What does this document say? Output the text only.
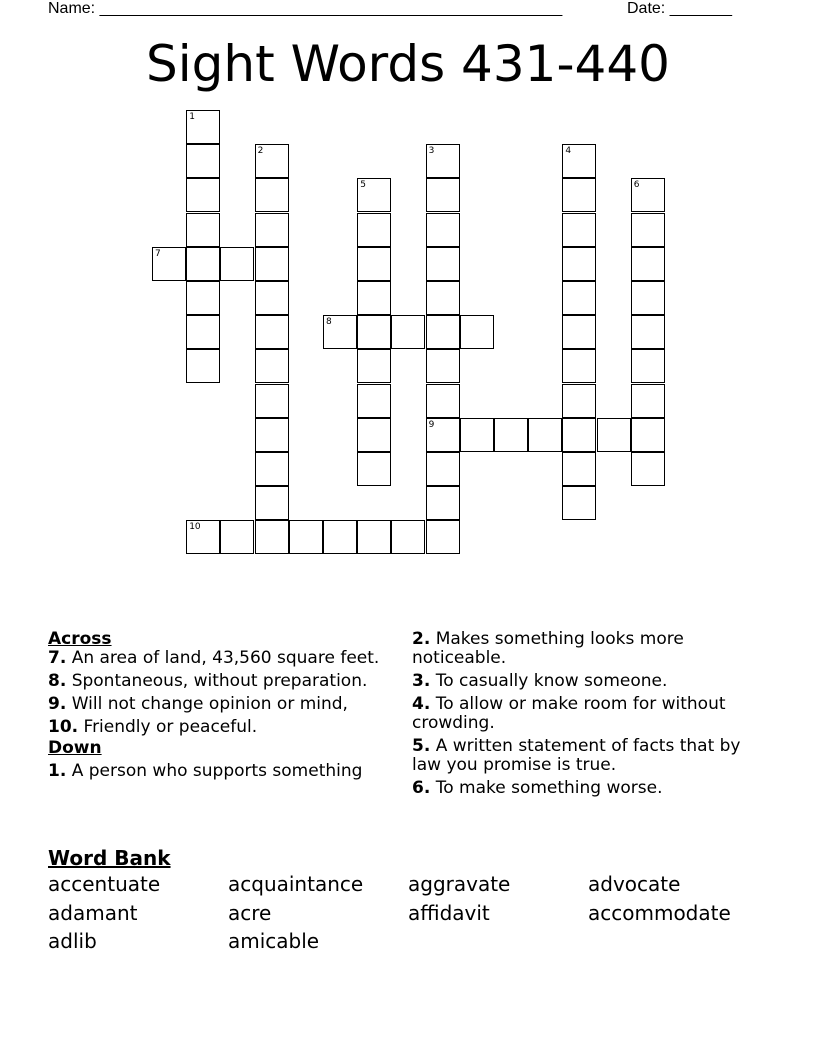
Name: ____________________________________________________	Date: _______
Sight Words 431-440
1
2	3
9
4
5	6
7
8
10
Across
7. An area of land, 43,560 square feet.
8. Spontaneous, without preparation.
9. Will not change opinion or mind,
10. Friendly or peaceful.
Down
1. A person who supports something
2. Makes something looks more noticeable.
3. To casually know someone.
4. To allow or make room for without crowding.
5. A written statement of facts that by law you promise is true.
6. To make something worse.
Word Bank
accentuate	acquaintance	aggravate	advocate
adamant	acre	affidavit	accommodate
adlib	amicable
